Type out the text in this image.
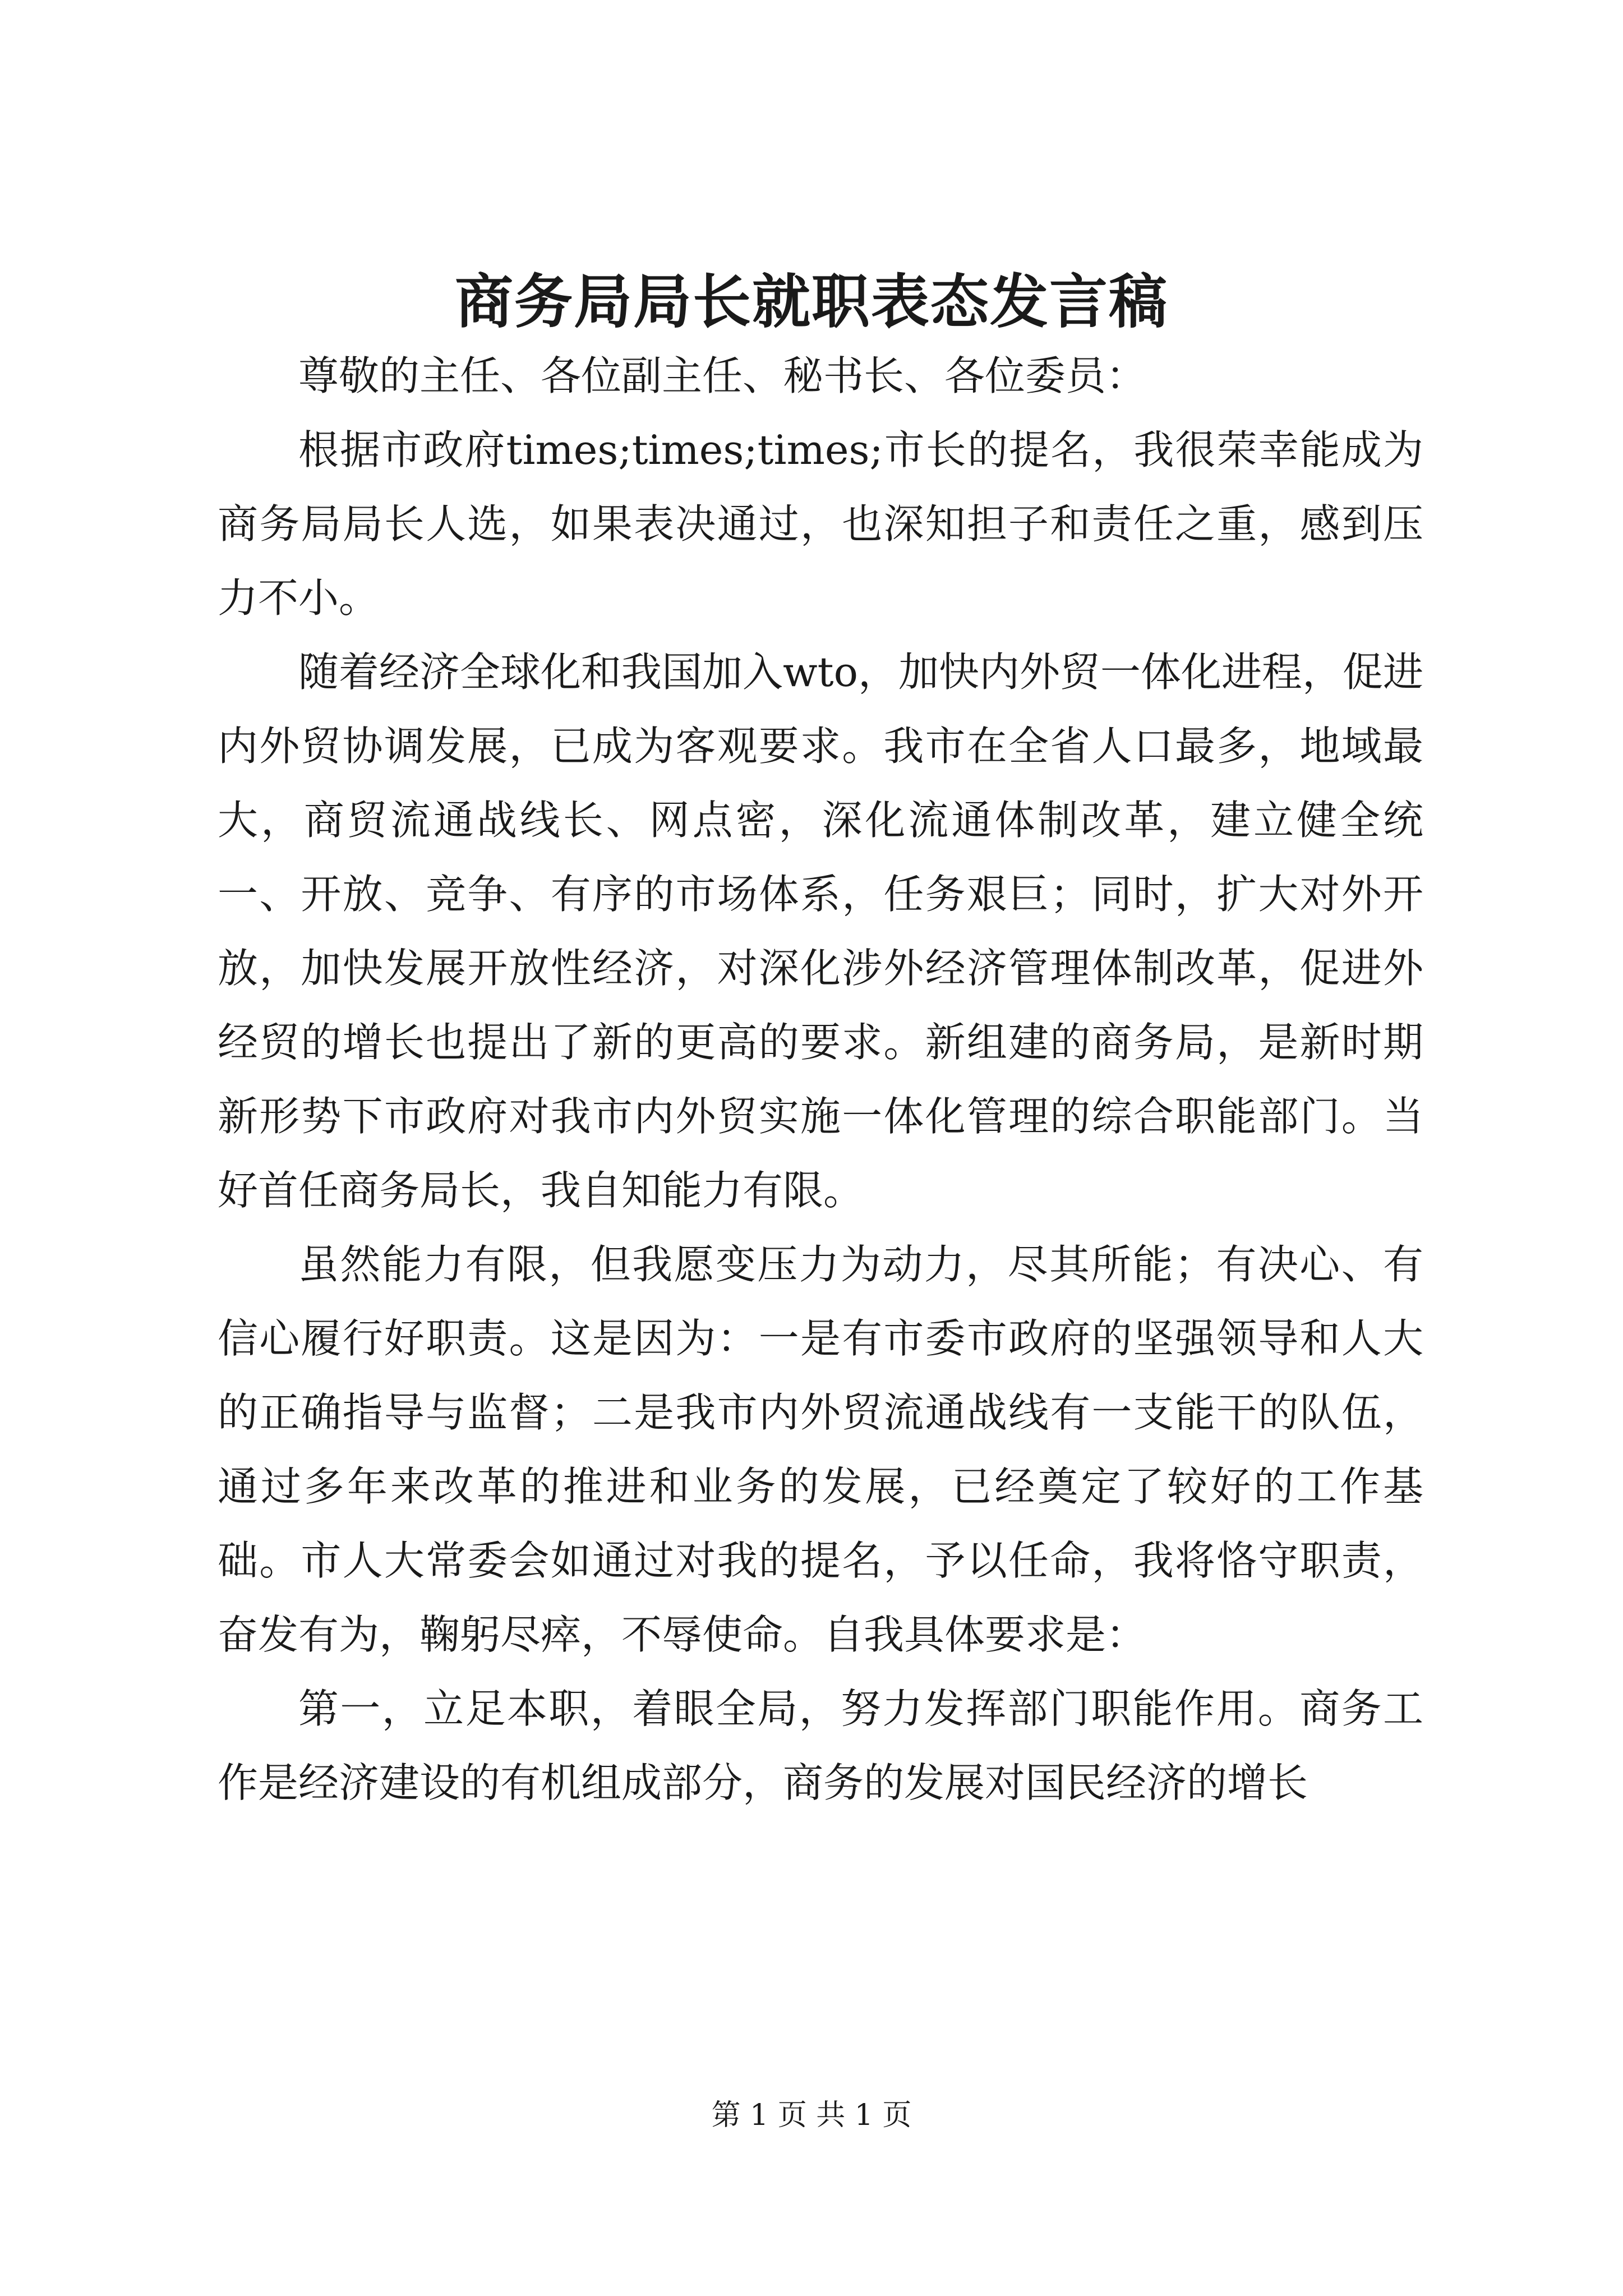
商务局局长就职表态发言稿

尊敬的主任、各位副主任、秘书长、各位委员：

根据市政府times;times;times;市长的提名，我很荣幸能成为商务局局长人选，如果表决通过，也深知担子和责任之重，感到压力不小。

随着经济全球化和我国加入wto，加快内外贸一体化进程，促进内外贸协调发展，已成为客观要求。我市在全省人口最多，地域最大，商贸流通战线长、网点密，深化流通体制改革，建立健全统一、开放、竞争、有序的市场体系，任务艰巨；同时，扩大对外开放，加快发展开放性经济，对深化涉外经济管理体制改革，促进外经贸的增长也提出了新的更高的要求。新组建的商务局，是新时期新形势下市政府对我市内外贸实施一体化管理的综合职能部门。当好首任商务局长，我自知能力有限。

虽然能力有限，但我愿变压力为动力，尽其所能；有决心、有信心履行好职责。这是因为：一是有市委市政府的坚强领导和人大的正确指导与监督；二是我市内外贸流通战线有一支能干的队伍，通过多年来改革的推进和业务的发展，已经奠定了较好的工作基础。市人大常委会如通过对我的提名，予以任命，我将恪守职责，奋发有为，鞠躬尽瘁，不辱使命。自我具体要求是：

第一，立足本职，着眼全局，努力发挥部门职能作用。商务工作是经济建设的有机组成部分，商务的发展对国民经济的增长

第 1 页 共 1 页
